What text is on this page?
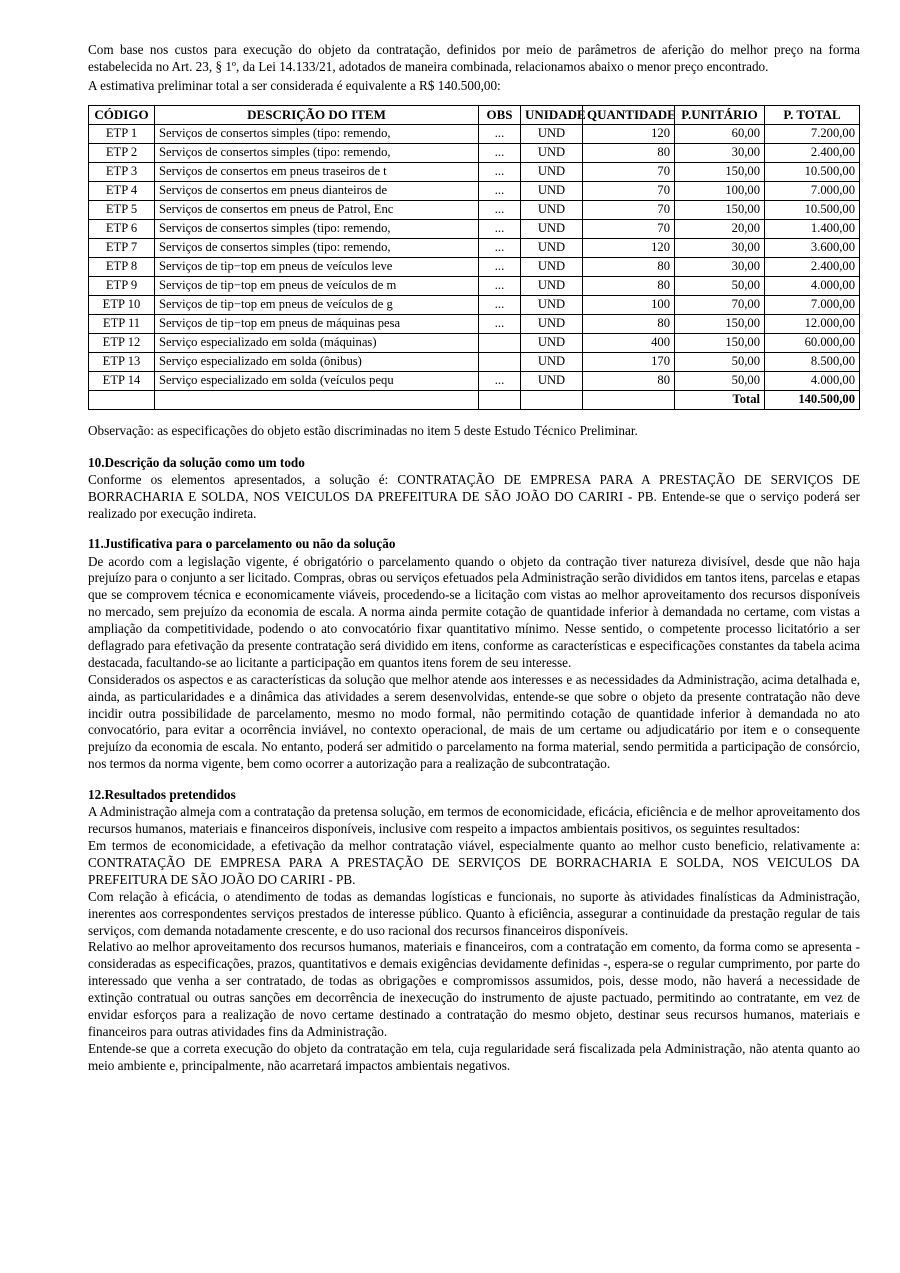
Com base nos custos para execução do objeto da contratação, definidos por meio de parâmetros de aferição do melhor preço na forma estabelecida no Art. 23, § 1º, da Lei 14.133/21, adotados de maneira combinada, relacionamos abaixo o menor preço encontrado.

A estimativa preliminar total a ser considerada é equivalente a R$ 140.500,00:

CÓDIGO	DESCRIÇÃO DO ITEM	OBS	UNIDADE	QUANTIDADE	P.UNITÁRIO	P. TOTAL
ETP 1	Serviços de consertos simples (tipo: remendo,	...	UND	120	60,00	7.200,00
ETP 2	Serviços de consertos simples (tipo: remendo,	...	UND	80	30,00	2.400,00
ETP 3	Serviços de consertos em pneus traseiros de t	...	UND	70	150,00	10.500,00
ETP 4	Serviços de consertos em pneus dianteiros de	...	UND	70	100,00	7.000,00
ETP 5	Serviços de consertos em pneus de Patrol, Enc	...	UND	70	150,00	10.500,00
ETP 6	Serviços de consertos simples (tipo: remendo,	...	UND	70	20,00	1.400,00
ETP 7	Serviços de consertos simples (tipo: remendo,	...	UND	120	30,00	3.600,00
ETP 8	Serviços de tip−top em pneus de veículos leve	...	UND	80	30,00	2.400,00
ETP 9	Serviços de tip−top em pneus de veículos de m	...	UND	80	50,00	4.000,00
ETP 10	Serviços de tip−top em pneus de veículos de g	...	UND	100	70,00	7.000,00
ETP 11	Serviços de tip−top em pneus de máquinas pesa	...	UND	80	150,00	12.000,00
ETP 12	Serviço especializado em solda (máquinas)		UND	400	150,00	60.000,00
ETP 13	Serviço especializado em solda (ônibus)		UND	170	50,00	8.500,00
ETP 14	Serviço especializado em solda (veículos pequ	...	UND	80	50,00	4.000,00
					Total	140.500,00

Observação: as especificações do objeto estão discriminadas no item 5 deste Estudo Técnico Preliminar.

10.Descrição da solução como um todo

Conforme os elementos apresentados, a solução é: CONTRATAÇÃO DE EMPRESA PARA A PRESTAÇÃO DE SERVIÇOS DE BORRACHARIA E SOLDA, NOS VEICULOS DA PREFEITURA DE SÃO JOÃO DO CARIRI - PB. Entende-se que o serviço poderá ser realizado por execução indireta.

11.Justificativa para o parcelamento ou não da solução

De acordo com a legislação vigente, é obrigatório o parcelamento quando o objeto da contração tiver natureza divisível, desde que não haja prejuízo para o conjunto a ser licitado. Compras, obras ou serviços efetuados pela Administração serão divididos em tantos itens, parcelas e etapas que se comprovem técnica e economicamente viáveis, procedendo-se a licitação com vistas ao melhor aproveitamento dos recursos disponíveis no mercado, sem prejuízo da economia de escala. A norma ainda permite cotação de quantidade inferior à demandada no certame, com vistas a ampliação da competitividade, podendo o ato convocatório fixar quantitativo mínimo. Nesse sentido, o competente processo licitatório a ser deflagrado para efetivação da presente contratação será dividido em itens, conforme as características e especificações constantes da tabela acima destacada, facultando-se ao licitante a participação em quantos itens forem de seu interesse.

Considerados os aspectos e as características da solução que melhor atende aos interesses e as necessidades da Administração, acima detalhada e, ainda, as particularidades e a dinâmica das atividades a serem desenvolvidas, entende-se que sobre o objeto da presente contratação não deve incidir outra possibilidade de parcelamento, mesmo no modo formal, não permitindo cotação de quantidade inferior à demandada no ato convocatório, para evitar a ocorrência inviável, no contexto operacional, de mais de um certame ou adjudicatário por item e o consequente prejuízo da economia de escala. No entanto, poderá ser admitido o parcelamento na forma material, sendo permitida a participação de consórcio, nos termos da norma vigente, bem como ocorrer a autorização para a realização de subcontratação.

12.Resultados pretendidos

A Administração almeja com a contratação da pretensa solução, em termos de economicidade, eficácia, eficiência e de melhor aproveitamento dos recursos humanos, materiais e financeiros disponíveis, inclusive com respeito a impactos ambientais positivos, os seguintes resultados:

Em termos de economicidade, a efetivação da melhor contratação viável, especialmente quanto ao melhor custo beneficio, relativamente a: CONTRATAÇÃO DE EMPRESA PARA A PRESTAÇÃO DE SERVIÇOS DE BORRACHARIA E SOLDA, NOS VEICULOS DA PREFEITURA DE SÃO JOÃO DO CARIRI - PB.

Com relação à eficácia, o atendimento de todas as demandas logísticas e funcionais, no suporte às atividades finalísticas da Administração, inerentes aos correspondentes serviços prestados de interesse público. Quanto à eficiência, assegurar a continuidade da prestação regular de tais serviços, com demanda notadamente crescente, e do uso racional dos recursos financeiros disponíveis.

Relativo ao melhor aproveitamento dos recursos humanos, materiais e financeiros, com a contratação em comento, da forma como se apresenta - consideradas as especificações, prazos, quantitativos e demais exigências devidamente definidas -, espera-se o regular cumprimento, por parte do interessado que venha a ser contratado, de todas as obrigações e compromissos assumidos, pois, desse modo, não haverá a necessidade de extinção contratual ou outras sanções em decorrência de inexecução do instrumento de ajuste pactuado, permitindo ao contratante, em vez de envidar esforços para a realização de novo certame destinado a contratação do mesmo objeto, destinar seus recursos humanos, materiais e financeiros para outras atividades fins da Administração.

Entende-se que a correta execução do objeto da contratação em tela, cuja regularidade será fiscalizada pela Administração, não atenta quanto ao meio ambiente e, principalmente, não acarretará impactos ambientais negativos.
